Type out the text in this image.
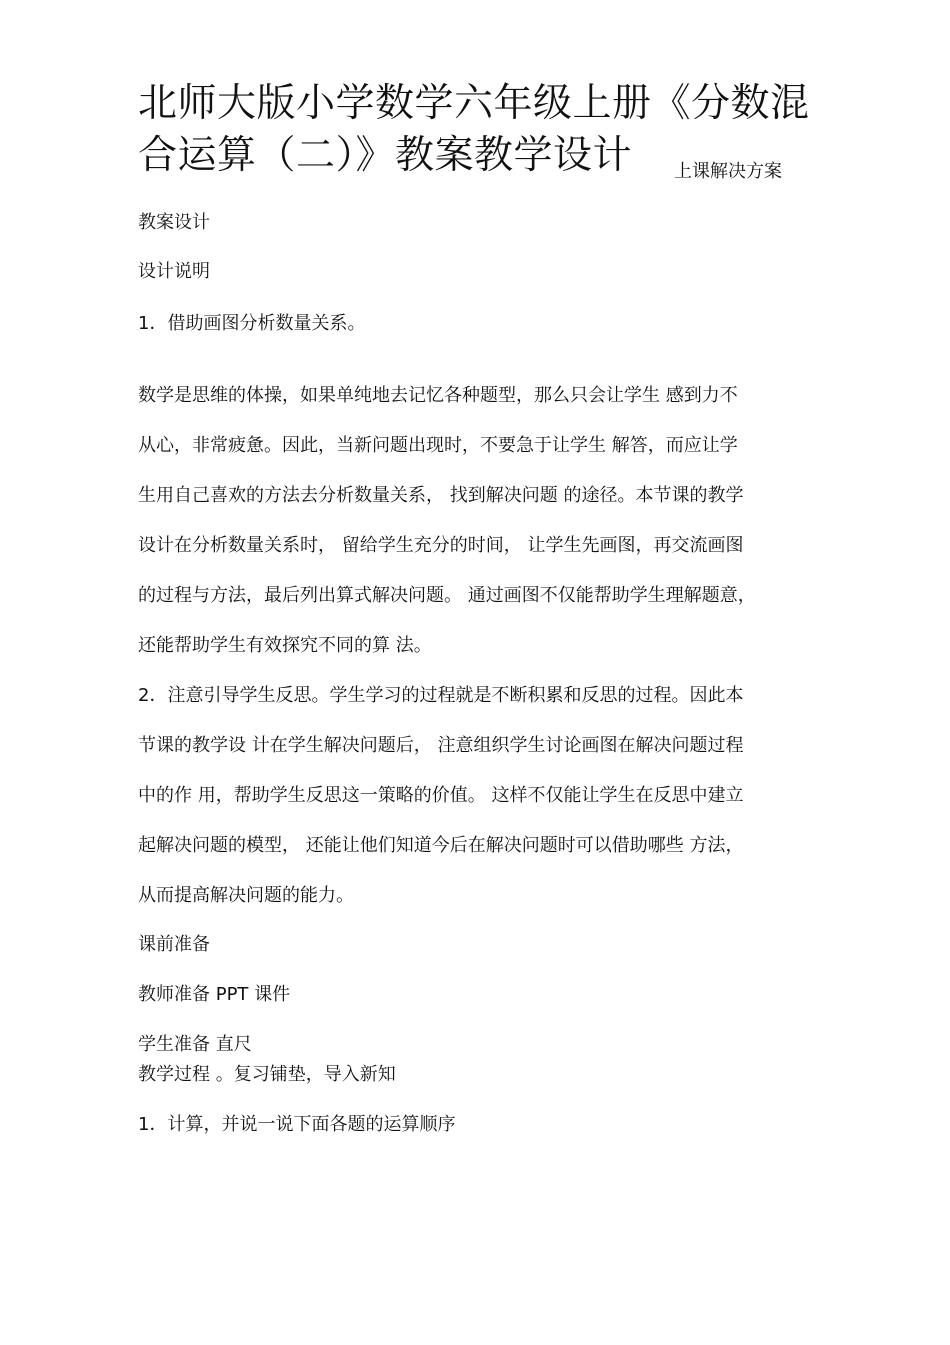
北师大版小学数学六年级上册《分数混
合运算（二）》教案教学设计	上课解决方案
教案设计
设计说明
1．借助画图分析数量关系。
数学是思维的体操，如果单纯地去记忆各种题型，那么只会让学生 感到力不
从心，非常疲惫。因此，当新问题出现时，不要急于让学生 解答，而应让学
生用自己喜欢的方法去分析数量关系， 找到解决问题 的途径。本节课的教学
设计在分析数量关系时， 留给学生充分的时间， 让学生先画图，再交流画图
的过程与方法，最后列出算式解决问题。 通过画图不仅能帮助学生理解题意，
还能帮助学生有效探究不同的算 法。
2．注意引导学生反思。学生学习的过程就是不断积累和反思的过程。因此本
节课的教学设 计在学生解决问题后， 注意组织学生讨论画图在解决问题过程
中的作 用，帮助学生反思这一策略的价值。 这样不仅能让学生在反思中建立
起解决问题的模型， 还能让他们知道今后在解决问题时可以借助哪些 方法，
从而提高解决问题的能力。
课前准备
教师准备 PPT 课件
学生准备 直尺
教学过程 。复习铺垫，导入新知
1．计算，并说一说下面各题的运算顺序
